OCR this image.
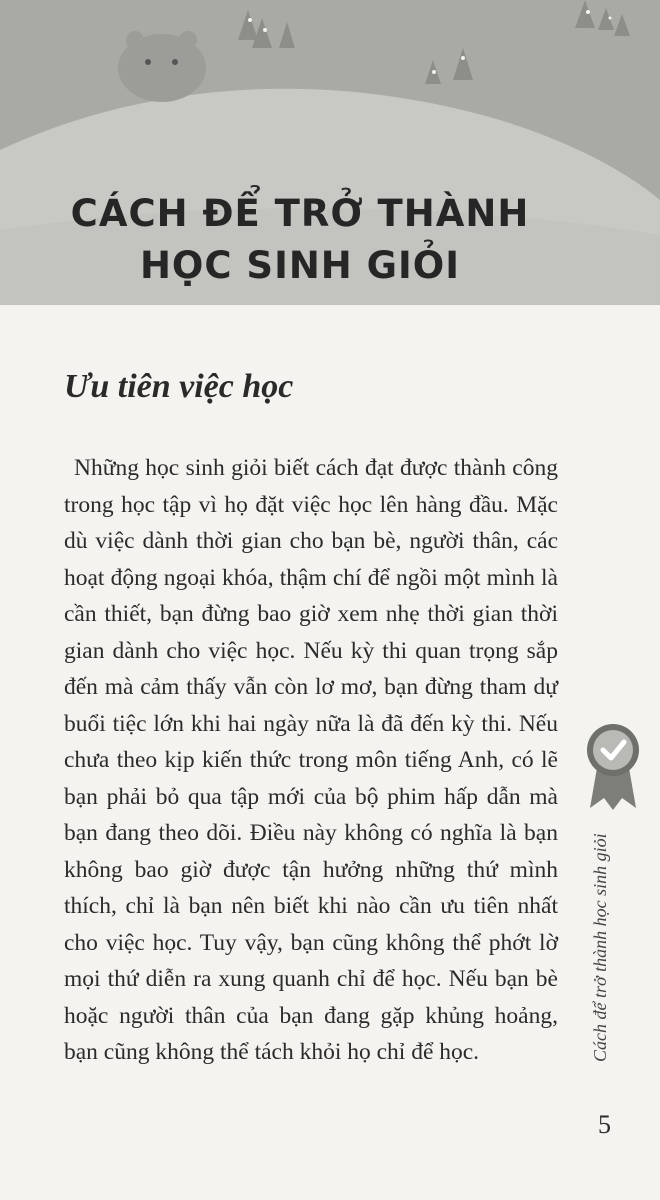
CÁCH ĐỂ TRỞ THÀNH
HỌC SINH GIỎI
Ưu tiên việc học

Những học sinh giỏi biết cách đạt được thành công trong học tập vì họ đặt việc học lên hàng đầu. Mặc dù việc dành thời gian cho bạn bè, người thân, các hoạt động ngoại khóa, thậm chí để ngồi một mình là cần thiết, bạn đừng bao giờ xem nhẹ thời gian thời gian dành cho việc học. Nếu kỳ thi quan trọng sắp đến mà cảm thấy vẫn còn lơ mơ, bạn đừng tham dự buổi tiệc lớn khi hai ngày nữa là đã đến kỳ thi. Nếu chưa theo kịp kiến thức trong môn tiếng Anh, có lẽ bạn phải bỏ qua tập mới của bộ phim hấp dẫn mà bạn đang theo dõi. Điều này không có nghĩa là bạn không bao giờ được tận hưởng những thứ mình thích, chỉ là bạn nên biết khi nào cần ưu tiên nhất cho việc học. Tuy vậy, bạn cũng không thể phớt lờ mọi thứ diễn ra xung quanh chỉ để học. Nếu bạn bè hoặc người thân của bạn đang gặp khủng hoảng, bạn cũng không thể tách khỏi họ chỉ để học.	Cách để trở thành học sinh giỏi
5
